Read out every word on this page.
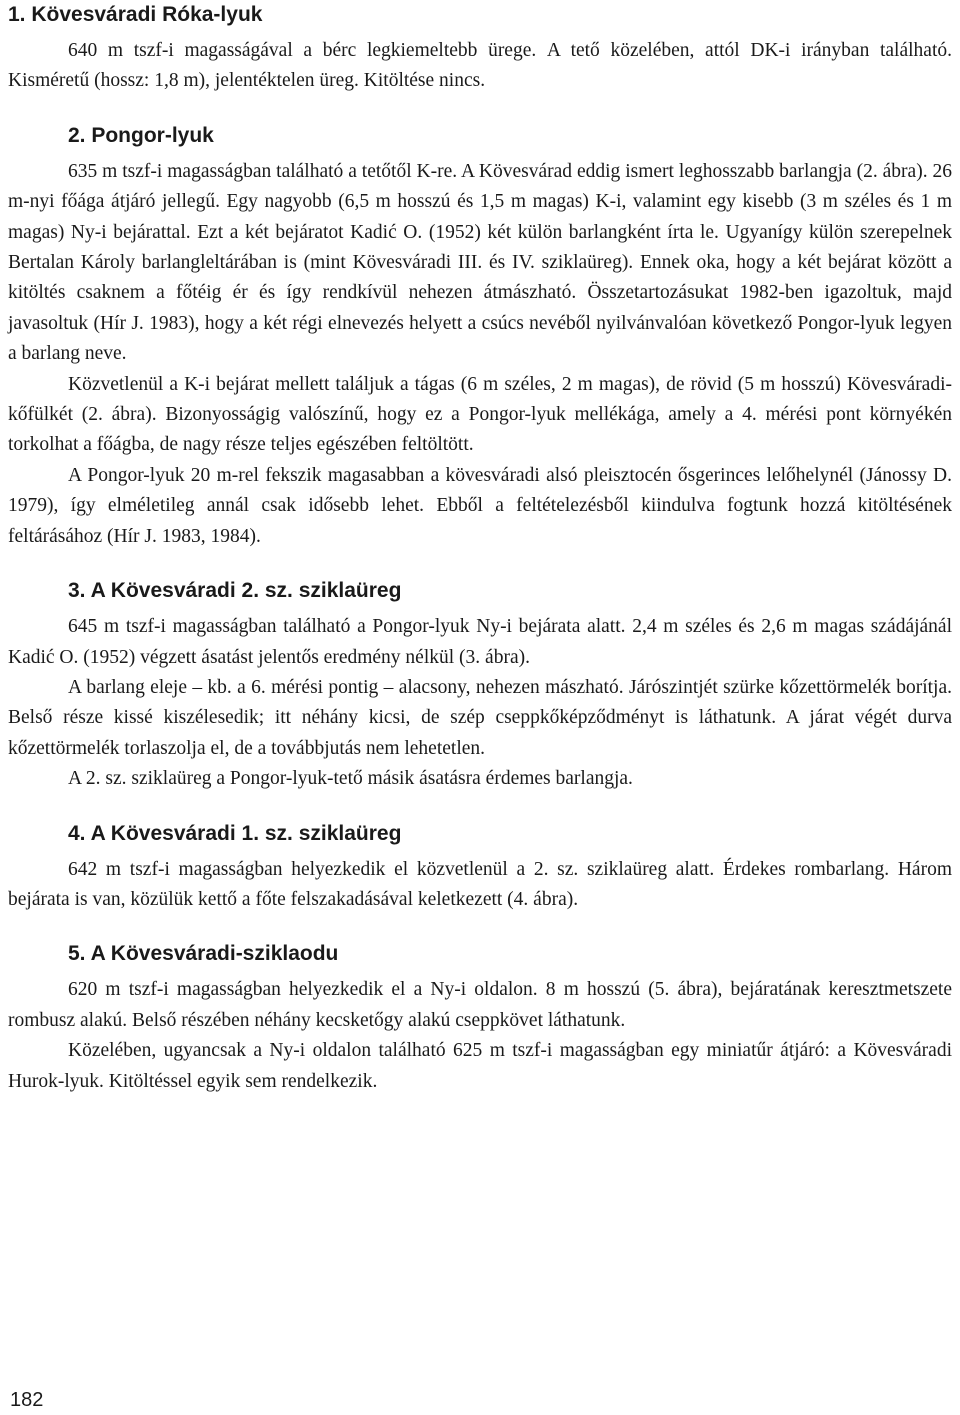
1. Kövesváradi Róka-lyuk

640 m tszf-i magasságával a bérc legkiemeltebb üregе. A tető közelében, attól DK-i irányban található. Kisméretű (hossz: 1,8 m), jelentéktelen üreg. Kitöltése nincs.

2. Pongor-lyuk

635 m tszf-i magasságban található a tetőtől K-re. A Kövesvárad eddig ismert leghosszabb barlangja (2. ábra). 26 m-nyi főága átjáró jellegű. Egy nagyobb (6,5 m hosszú és 1,5 m magas) K-i, valamint egy kisebb (3 m széles és 1 m magas) Ny-i bejárattal. Ezt a két bejáratot Kadić O. (1952) két külön barlangként írta le. Ugyanígy külön szerepelnek Bertalan Károly barlangleltárában is (mint Kövesváradi III. és IV. sziklaüreg). Ennek oka, hogy a két bejárat között a kitöltés csaknem a főtéig ér és így rendkívül nehezen átmászható. Összetartozásukat 1982-ben igazoltuk, majd javasoltuk (Hír J. 1983), hogy a két régi elnevezés helyett a csúcs nevéből nyilvánvalóan következő Pongor-lyuk legyen a barlang neve.

Közvetlenül a K-i bejárat mellett találjuk a tágas (6 m széles, 2 m magas), de rövid (5 m hosszú) Kövesváradi-kőfülkét (2. ábra). Bizonyosságig valószínű, hogy ez a Pongor-lyuk mellékága, amely a 4. mérési pont környékén torkolhat a főágba, de nagy része teljes egészében feltöltött.

A Pongor-lyuk 20 m-rel fekszik magasabban a kövesváradi alsó pleisztocén ősgerinces lelőhelynél (Jánossy D. 1979), így elméletileg annál csak idősebb lehet. Ebből a feltételezésből kiindulva fogtunk hozzá kitöltésének feltárásához (Hír J. 1983, 1984).

3. A Kövesváradi 2. sz. sziklaüreg

645 m tszf-i magasságban található a Pongor-lyuk Ny-i bejárata alatt. 2,4 m széles és 2,6 m magas szádájánál Kadić O. (1952) végzett ásatást jelentős eredmény nélkül (3. ábra).

A barlang eleje – kb. a 6. mérési pontig – alacsony, nehezen mászható. Járószintjét szürke kőzettörmelék borítja. Belső része kissé kiszélesedik; itt néhány kicsi, de szép cseppkőképződményt is láthatunk. A járat végét durva kőzettörmelék torlaszolja el, de a továbbjutás nem lehetetlen.

A 2. sz. sziklaüreg a Pongor-lyuk-tető másik ásatásra érdemes barlangja.

4. A Kövesváradi 1. sz. sziklaüreg

642 m tszf-i magasságban helyezkedik el közvetlenül a 2. sz. sziklaüreg alatt. Érdekes rombarlang. Három bejárata is van, közülük kettő a főte felszakadásával keletkezett (4. ábra).

5. A Kövesváradi-sziklaodu

620 m tszf-i magasságban helyezkedik el a Ny-i oldalon. 8 m hosszú (5. ábra), bejáratának keresztmetszete rombusz alakú. Belső részében néhány kecsketőgy alakú cseppkövet láthatunk.

Közelében, ugyancsak a Ny-i oldalon található 625 m tszf-i magasságban egy miniatűr átjáró: a Kövesváradi Hurok-lyuk. Kitöltéssel egyik sem rendelkezik.

182
